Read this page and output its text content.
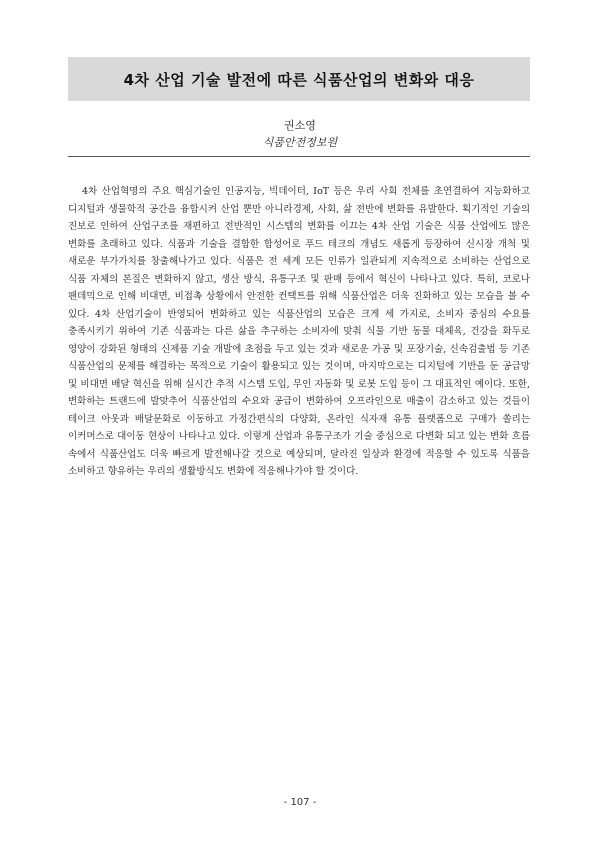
4차 산업 기술 발전에 따른 식품산업의 변화와 대응
권소영
식품안전정보원

4차 산업혁명의 주요 핵심기술인 인공지능, 빅데이터, IoT 등은 우리 사회 전체를 초연결하여 지능화하고 디지털과 생물학적 공간을 융합시켜 산업 뿐만 아니라경제, 사회, 삶 전반에 변화를 유발한다. 획기적인 기술의 진보로 인하여 산업구조를 재편하고 전반적인 시스템의 변화를 이끄는 4차 산업 기술은 식품 산업에도 많은 변화를 초래하고 있다. 식품과 기술을 결합한 합성어로 푸드 테크의 개념도 새롭게 등장하여 신시장 개척 및 새로운 부가가치를 창출해나가고 있다. 식품은 전 세계 모든 인류가 일관되게 지속적으로 소비하는 산업으로 식품 자체의 본질은 변화하지 않고, 생산 방식, 유통구조 및 판매 등에서 혁신이 나타나고 있다. 특히, 코로나 팬데믹으로 인해 비대면, 비접촉 상황에서 안전한 컨택트를 위해 식품산업은 더욱 진화하고 있는 모습을 볼 수 있다. 4차 산업기술이 반영되어 변화하고 있는 식품산업의 모습은 크게 세 가지로, 소비자 중심의 수요를 충족시키기 위하여 기존 식품과는 다른 삶을 추구하는 소비자에 맞춰 식물 기반 동물 대체육, 건강을 화두로 영양이 강화된 형태의 신제품 기술 개발에 초점을 두고 있는 것과 새로운 가공 및 포장기술, 신속검출법 등 기존 식품산업의 문제를 해결하는 목적으로 기술이 활용되고 있는 것이며, 마지막으로는 디지털에 기반을 둔 공급망 및 비대면 배달 혁신을 위해 실시간 추적 시스템 도입, 무인 자동화 및 로봇 도입 등이 그 대표적인 예이다. 또한,변화하는 트랜드에 발맞추어 식품산업의 수요와 공급이 변화하여 오프라인으로 매출이 감소하고 있는 것들이 테이크 아웃과 배달문화로 이동하고 가정간편식의 다양화, 온라인 식자재 유통 플랫폼으로 구매가 쏠리는 이커머스로 대이동 현상이 나타나고 있다. 이렇게 산업과 유통구조가 기술 중심으로 다변화 되고 있는 변화 흐름 속에서 식품산업도 더욱 빠르게 발전해나갈 것으로 예상되며, 달라진 일상과 환경에 적응할 수 있도록 식품을 소비하고 향유하는 우리의 생활방식도 변화에 적응해나가야 할 것이다.

- 107 -
